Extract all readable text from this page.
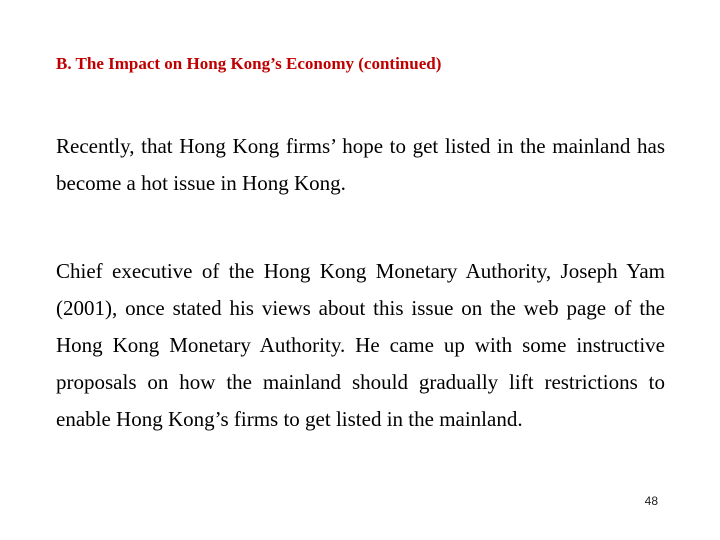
B. The Impact on Hong Kong’s Economy (continued)

Recently, that Hong Kong firms’ hope to get listed in the mainland has become a hot issue in Hong Kong.

Chief executive of the Hong Kong Monetary Authority, Joseph Yam (2001), once stated his views about this issue on the web page of the Hong Kong Monetary Authority. He came up with some instructive proposals on how the mainland should gradually lift restrictions to enable Hong Kong’s firms to get listed in the mainland.

48
